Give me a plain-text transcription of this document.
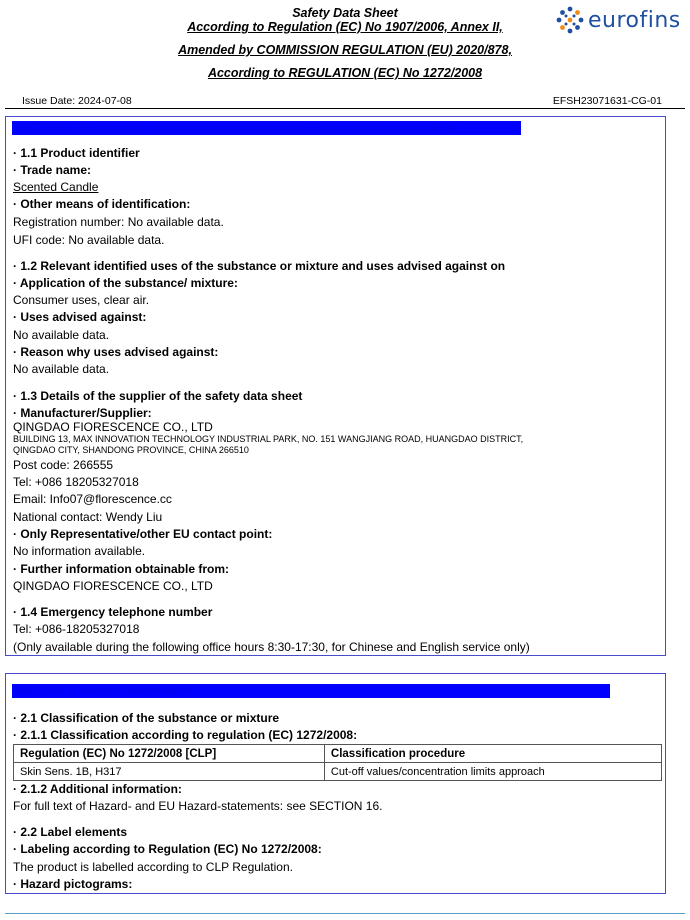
Safety Data Sheet
According to Regulation (EC) No 1907/2006, Annex II,
Amended by COMMISSION REGULATION (EU) 2020/878,
According to REGULATION (EC) No 1272/2008
eurofins
Issue Date: 2024-07-08	EFSH23071631-CG-01
SECTION 1: Identification of the substance/mixture and of the company/undertaking
· 1.1 Product identifier
· Trade name:
Scented Candle
· Other means of identification:
Registration number: No available data.
UFI code: No available data.
· 1.2 Relevant identified uses of the substance or mixture and uses advised against on
· Application of the substance/ mixture:
Consumer uses, clear air.
· Uses advised against:
No available data.
· Reason why uses advised against:
No available data.
· 1.3 Details of the supplier of the safety data sheet
· Manufacturer/Supplier:
QINGDAO FIORESCENCE CO., LTD
BUILDING 13, MAX INNOVATION TECHNOLOGY INDUSTRIAL PARK, NO. 151 WANGJIANG ROAD, HUANGDAO DISTRICT,
QINGDAO CITY, SHANDONG PROVINCE, CHINA 266510
Post code: 266555
Tel: +086 18205327018
Email: Info07@florescence.cc
National contact: Wendy Liu
· Only Representative/other EU contact point:
No information available.
· Further information obtainable from:
QINGDAO FIORESCENCE CO., LTD
· 1.4 Emergency telephone number
Tel: +086-18205327018
(Only available during the following office hours 8:30-17:30, for Chinese and English service only)
SECTION 2: Hazards identification
· 2.1 Classification of the substance or mixture
· 2.1.1 Classification according to regulation (EC) 1272/2008:
Regulation (EC) No 1272/2008 [CLP]	Classification procedure
Skin Sens. 1B, H317	Cut-off values/concentration limits approach
· 2.1.2 Additional information:
For full text of Hazard- and EU Hazard-statements: see SECTION 16.
· 2.2 Label elements
· Labeling according to Regulation (EC) No 1272/2008:
The product is labelled according to CLP Regulation.
· Hazard pictograms:
